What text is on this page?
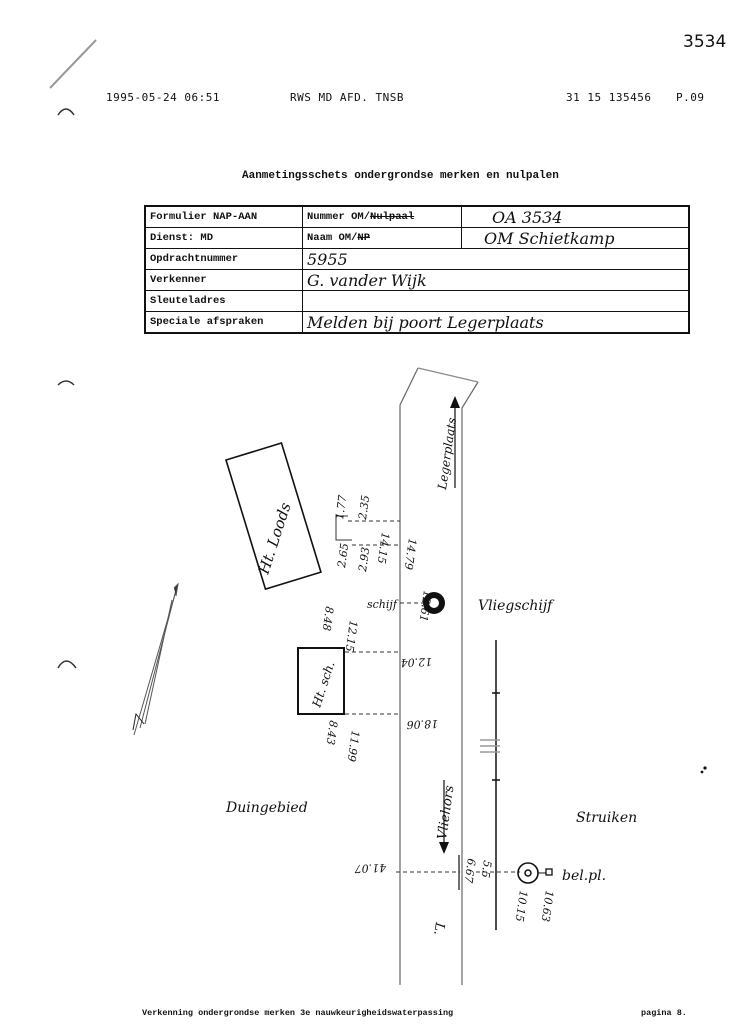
3534
1995-05-24 06:51	RWS MD AFD. TNSB	31 15 135456 P.09
Aanmetingsschets ondergrondse merken en nulpalen
Formulier NAP-AAN	Nummer OM/Nulpaal	OA 3534
Dienst: MD	Naam OM/NP	OM Schietkamp
Opdrachtnummer	5955	
Verkenner	G. vander Wijk	
Sleuteladres		
Speciale afspraken	Melden bij poort Legerplaats	
Ht. Loods
Ht. sch.
Vliegschijf
schijf
Legerplaats
Vliehors
bel.pl.
Duingebied
Struiken
1.77 2.35
2.65 2.93 14.15 14.79
12.61
8.48
12.15
12.04
18.06
11.99
8.43
41.07	6.67 5.5
10.15 10.63
L.
Verkenning ondergrondse merken 3e nauwkeurigheidswaterpassing	pagina 8.
